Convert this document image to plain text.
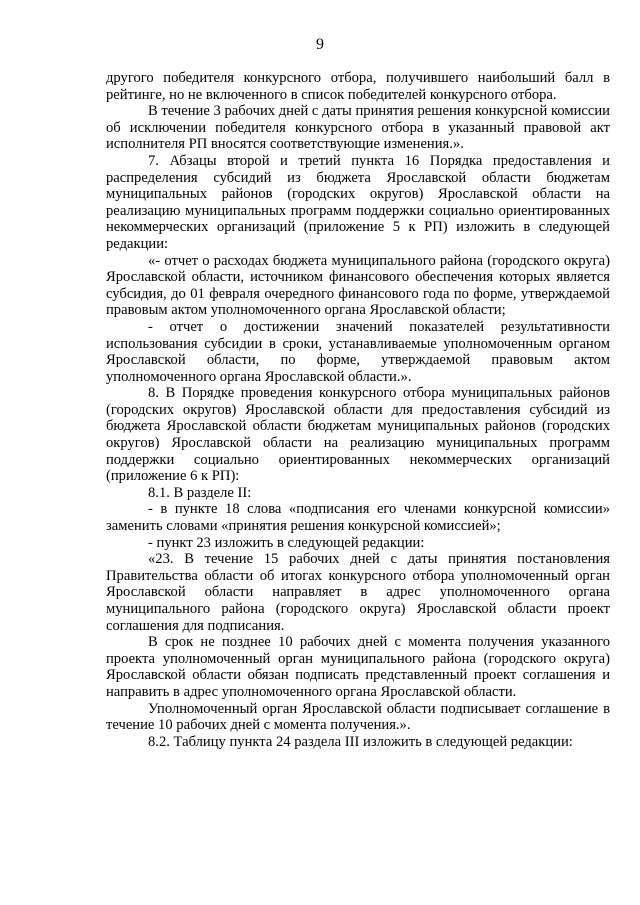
9

другого победителя конкурсного отбора, получившего наибольший балл в рейтинге, но не включенного в список победителей конкурсного отбора.

В течение 3 рабочих дней с даты принятия решения конкурсной комиссии об исключении победителя конкурсного отбора в указанный правовой акт исполнителя РП вносятся соответствующие изменения.».

7. Абзацы второй и третий пункта 16 Порядка предоставления и распределения субсидий из бюджета Ярославской области бюджетам муниципальных районов (городских округов) Ярославской области на реализацию муниципальных программ поддержки социально ориентированных некоммерческих организаций (приложение 5 к РП) изложить в следующей редакции:

«- отчет о расходах бюджета муниципального района (городского округа) Ярославской области, источником финансового обеспечения которых является субсидия, до 01 февраля очередного финансового года по форме, утверждаемой правовым актом уполномоченного органа Ярославской области;

- отчет о достижении значений показателей результативности использования субсидии в сроки, устанавливаемые уполномоченным органом Ярославской области, по форме, утверждаемой правовым актом уполномоченного органа Ярославской области.».

8. В Порядке проведения конкурсного отбора муниципальных районов (городских округов) Ярославской области для предоставления субсидий из бюджета Ярославской области бюджетам муниципальных районов (городских округов) Ярославской области на реализацию муниципальных программ поддержки социально ориентированных некоммерческих организаций (приложение 6 к РП):

8.1. В разделе II:

- в пункте 18 слова «подписания его членами конкурсной комиссии» заменить словами «принятия решения конкурсной комиссией»;

- пункт 23 изложить в следующей редакции:

«23. В течение 15 рабочих дней с даты принятия постановления Правительства области об итогах конкурсного отбора уполномоченный орган Ярославской области направляет в адрес уполномоченного органа муниципального района (городского округа) Ярославской области проект соглашения для подписания.

В срок не позднее 10 рабочих дней с момента получения указанного проекта уполномоченный орган муниципального района (городского округа) Ярославской области обязан подписать представленный проект соглашения и направить в адрес уполномоченного органа Ярославской области.

Уполномоченный орган Ярославской области подписывает соглашение в течение 10 рабочих дней с момента получения.».

8.2. Таблицу пункта 24 раздела III изложить в следующей редакции:
